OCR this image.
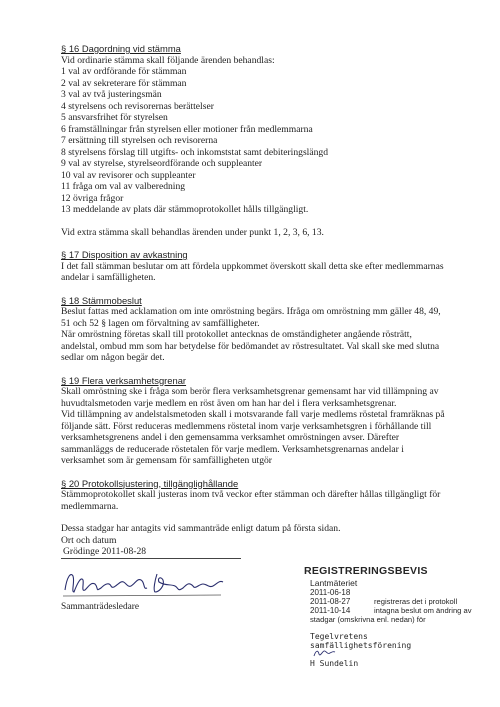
§ 16 Dagordning vid stämma

Vid ordinarie stämma skall följande ärenden behandlas:

1 val av ordförande för stämman
2 val av sekreterare för stämman
3 val av två justeringsmän
4 styrelsens och revisorernas berättelser
5 ansvarsfrihet för styrelsen
6 framställningar från styrelsen eller motioner från medlemmarna
7 ersättning till styrelsen och revisorerna
8 styrelsens förslag till utgifts- och inkomststat samt debiteringslängd
9 val av styrelse, styrelseordförande och suppleanter
10 val av revisorer och suppleanter
11 fråga om val av valberedning
12 övriga frågor
13 meddelande av plats där stämmoprotokollet hålls tillgängligt.

Vid extra stämma skall behandlas ärenden under punkt 1, 2, 3, 6, 13.

§ 17 Disposition av avkastning

I det fall stämman beslutar om att fördela uppkommet överskott skall detta ske efter medlemmarnas

andelar i samfälligheten.

§ 18 Stämmobeslut

Beslut fattas med acklamation om inte omröstning begärs. Ifråga om omröstning mm gäller 48, 49,

51 och 52 § lagen om förvaltning av samfälligheter.

När omröstning företas skall till protokollet antecknas de omständigheter angående rösträtt,

andelstal, ombud mm som har betydelse för bedömandet av röstresultatet. Val skall ske med slutna

sedlar om någon begär det.

§ 19 Flera verksamhetsgrenar

Skall omröstning ske i fråga som berör flera verksamhetsgrenar gemensamt har vid tillämpning av

huvudtalsmetoden varje medlem en röst även om han har del i flera verksamhetsgrenar.

Vid tillämpning av andelstalsmetoden skall i motsvarande fall varje medlems röstetal framräknas på

följande sätt. Först reduceras medlemmens röstetal inom varje verksamhetsgren i förhållande till

verksamhetsgrenens andel i den gemensamma verksamhet omröstningen avser. Därefter

sammanläggs de reducerade röstetalen för varje medlem. Verksamhetsgrenarnas andelar i

verksamhet som är gemensam för samfälligheten utgör

§ 20 Protokollsjustering, tillgänglighållande

Stämmoprotokollet skall justeras inom två veckor efter stämman och därefter hållas tillgängligt för

medlemmarna.

Dessa stadgar har antagits vid sammanträde enligt datum på första sidan.

Ort och datum

Grödinge 2011-08-28

Sammanträdesledare

REGISTRERINGSBEVIS

Lantmäteriet
2011-06-18
2011-08-27	registreras det i protokoll
2011-10-14	intagna beslut om ändring av
stadgar (omskrivna enl. nedan) för
Tegelvretens
samfällighetsförening
H Sundelin
